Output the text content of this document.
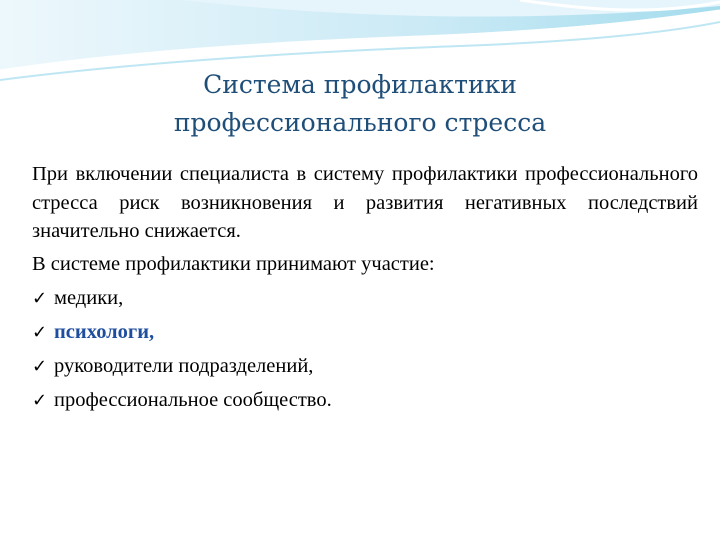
Система профилактики
профессионального стресса

При включении специалиста в систему профилактики профессионального стресса риск возникновения и развития негативных последствий значительно снижается.

В системе профилактики принимают участие:

✓ медики,
✓ психологи,
✓ руководители подразделений,
✓ профессиональное сообщество.
